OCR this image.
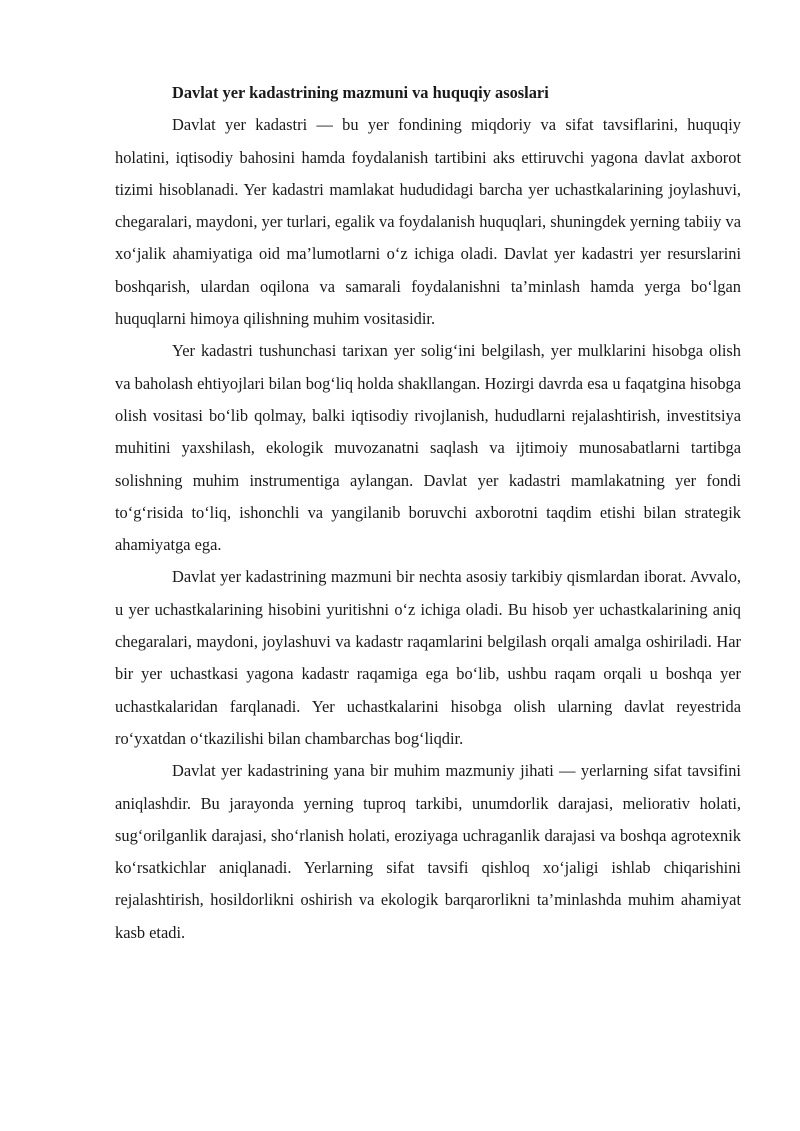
Davlat yer kadastrining mazmuni va huquqiy asoslari

Davlat yer kadastri — bu yer fondining miqdoriy va sifat tavsiflarini, huquqiy holatini, iqtisodiy bahosini hamda foydalanish tartibini aks ettiruvchi yagona davlat axborot tizimi hisoblanadi. Yer kadastri mamlakat hududidagi barcha yer uchastkalarining joylashuvi, chegaralari, maydoni, yer turlari, egalik va foydalanish huquqlari, shuningdek yerning tabiiy va xo‘jalik ahamiyatiga oid ma’lumotlarni o‘z ichiga oladi. Davlat yer kadastri yer resurslarini boshqarish, ulardan oqilona va samarali foydalanishni ta’minlash hamda yerga bo‘lgan huquqlarni himoya qilishning muhim vositasidir.

Yer kadastri tushunchasi tarixan yer solig‘ini belgilash, yer mulklarini hisobga olish va baholash ehtiyojlari bilan bog‘liq holda shakllangan. Hozirgi davrda esa u faqatgina hisobga olish vositasi bo‘lib qolmay, balki iqtisodiy rivojlanish, hududlarni rejalashtirish, investitsiya muhitini yaxshilash, ekologik muvozanatni saqlash va ijtimoiy munosabatlarni tartibga solishning muhim instrumentiga aylangan. Davlat yer kadastri mamlakatning yer fondi to‘g‘risida to‘liq, ishonchli va yangilanib boruvchi axborotni taqdim etishi bilan strategik ahamiyatga ega.

Davlat yer kadastrining mazmuni bir nechta asosiy tarkibiy qismlardan iborat. Avvalo, u yer uchastkalarining hisobini yuritishni o‘z ichiga oladi. Bu hisob yer uchastkalarining aniq chegaralari, maydoni, joylashuvi va kadastr raqamlarini belgilash orqali amalga oshiriladi. Har bir yer uchastkasi yagona kadastr raqamiga ega bo‘lib, ushbu raqam orqali u boshqa yer uchastkalaridan farqlanadi. Yer uchastkalarini hisobga olish ularning davlat reyestrida ro‘yxatdan o‘tkazilishi bilan chambarchas bog‘liqdir.

Davlat yer kadastrining yana bir muhim mazmuniy jihati — yerlarning sifat tavsifini aniqlashdir. Bu jarayonda yerning tuproq tarkibi, unumdorlik darajasi, meliorativ holati, sug‘orilganlik darajasi, sho‘rlanish holati, eroziyaga uchraganlik darajasi va boshqa agrotexnik ko‘rsatkichlar aniqlanadi. Yerlarning sifat tavsifi qishloq xo‘jaligi ishlab chiqarishini rejalashtirish, hosildorlikni oshirish va ekologik barqarorlikni ta’minlashda muhim ahamiyat kasb etadi.
